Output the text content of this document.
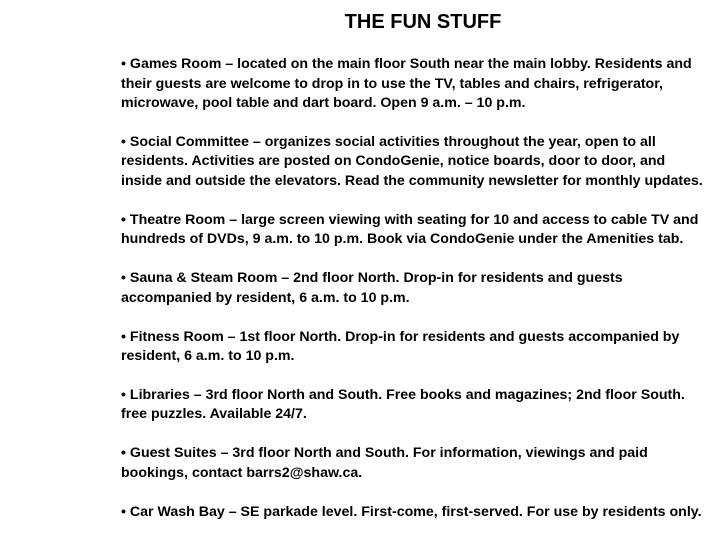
THE FUN STUFF
• Games Room – located on the main floor South near the main lobby. Residents and
their guests are welcome to drop in to use the TV, tables and chairs, refrigerator,
microwave, pool table and dart board. Open 9 a.m. – 10 p.m.
• Social Committee – organizes social activities throughout the year, open to all
residents. Activities are posted on CondoGenie, notice boards, door to door, and
inside and outside the elevators. Read the community newsletter for monthly updates.
• Theatre Room – large screen viewing with seating for 10 and access to cable TV and
hundreds of DVDs, 9 a.m. to 10 p.m. Book via CondoGenie under the Amenities tab.
• Sauna & Steam Room – 2nd floor North. Drop-in for residents and guests
accompanied by resident, 6 a.m. to 10 p.m.
• Fitness Room – 1st floor North. Drop-in for residents and guests accompanied by
resident, 6 a.m. to 10 p.m.
• Libraries – 3rd floor North and South. Free books and magazines; 2nd floor South.
free puzzles. Available 24/7.
• Guest Suites – 3rd floor North and South. For information, viewings and paid
bookings, contact barrs2@shaw.ca.
• Car Wash Bay – SE parkade level. First-come, first-served. For use by residents only.
